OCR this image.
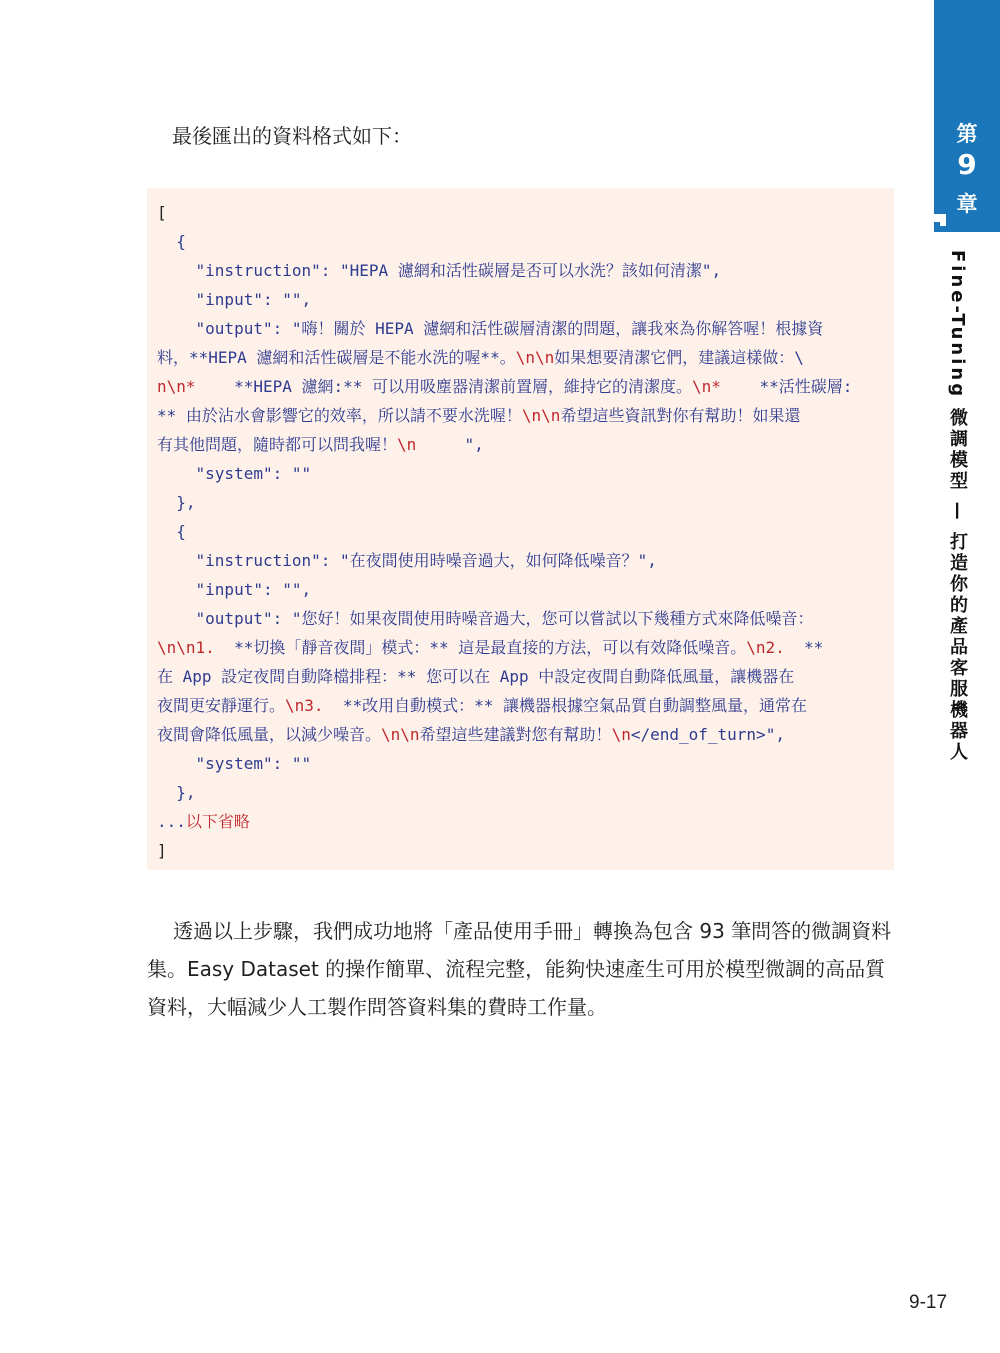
第
9
章
Fine-Tuning 微調模型 — 打造你的產品客服機器人
最後匯出的資料格式如下：
[
{
"instruction": "HEPA 濾網和活性碳層是否可以水洗？該如何清潔",
"input": "",
"output": "嗨！關於 HEPA 濾網和活性碳層清潔的問題，讓我來為你解答喔！根據資
料，**HEPA 濾網和活性碳層是不能水洗的喔**。\n\n如果想要清潔它們，建議這樣做：\
n\n*    **HEPA 濾網:** 可以用吸塵器清潔前置層，維持它的清潔度。\n*    **活性碳層:
** 由於沾水會影響它的效率，所以請不要水洗喔！\n\n希望這些資訊對你有幫助！如果還
有其他問題，隨時都可以問我喔！\n     ",
"system": ""
},
{
"instruction": "在夜間使用時噪音過大，如何降低噪音？",
"input": "",
"output": "您好！如果夜間使用時噪音過大，您可以嘗試以下幾種方式來降低噪音：
\n\n1.  **切換「靜音夜間」模式：** 這是最直接的方法，可以有效降低噪音。\n2.  **
在 App 設定夜間自動降檔排程：** 您可以在 App 中設定夜間自動降低風量，讓機器在
夜間更安靜運行。\n3.  **改用自動模式：** 讓機器根據空氣品質自動調整風量，通常在
夜間會降低風量，以減少噪音。\n\n希望這些建議對您有幫助！\n</end_of_turn>",
"system": ""
},
...以下省略
]

透過以上步驟，我們成功地將「產品使用手冊」轉換為包含 93 筆問答的微調資料集。Easy Dataset 的操作簡單、流程完整，能夠快速產生可用於模型微調的高品質資料，大幅減少人工製作問答資料集的費時工作量。

9-17
